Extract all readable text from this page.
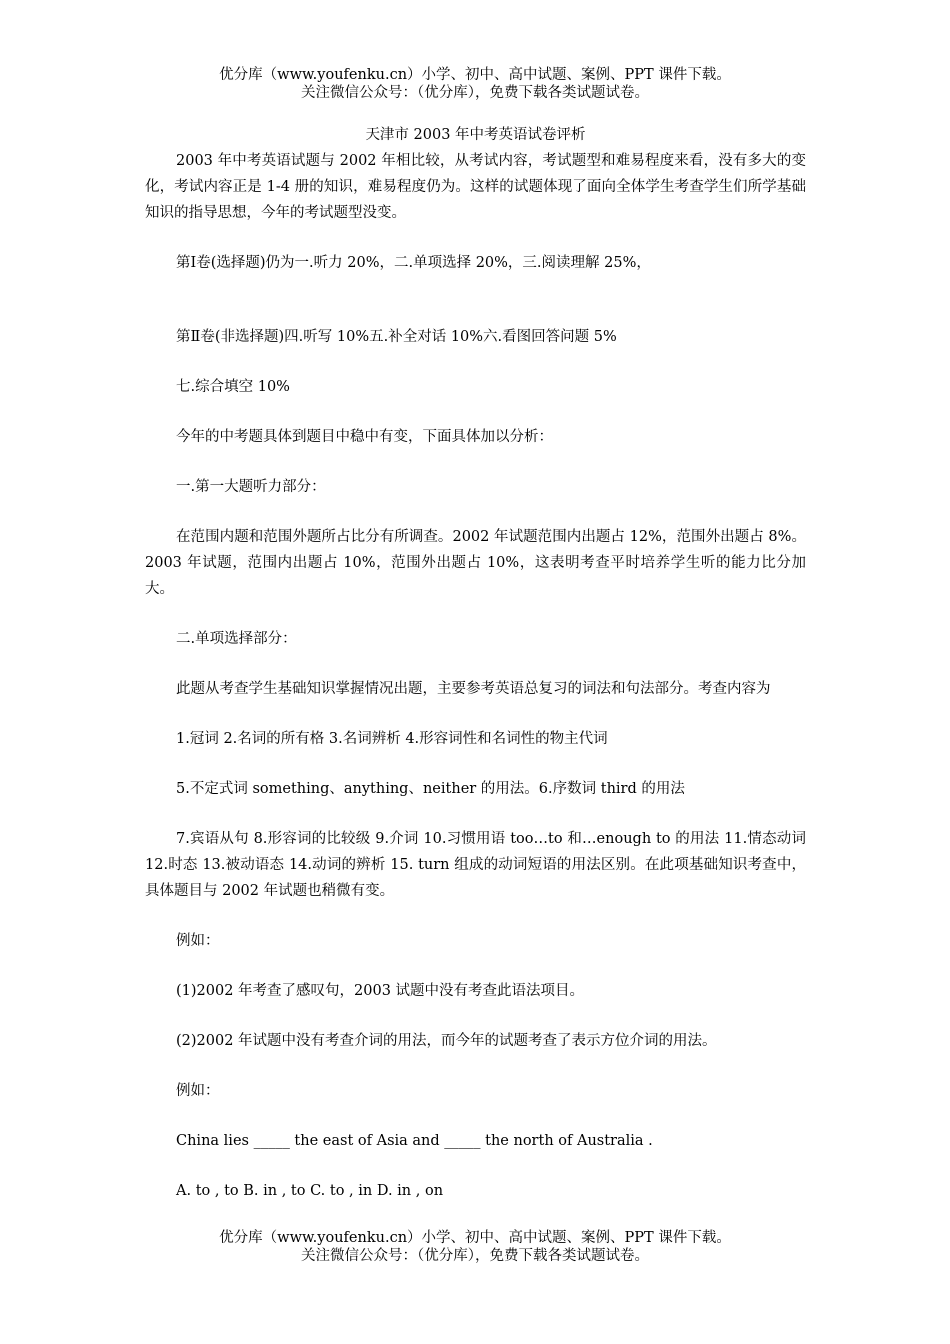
优分库（www.youfenku.cn）小学、初中、高中试题、案例、PPT 课件下载。
关注微信公众号：（优分库），免费下载各类试题试卷。
天津市 2003 年中考英语试卷评析

2003 年中考英语试题与 2002 年相比较，从考试内容，考试题型和难易程度来看，没有多大的变化，考试内容正是 1-4 册的知识，难易程度仍为。这样的试题体现了面向全体学生考查学生们所学基础知识的指导思想，今年的考试题型没变。

第Ⅰ卷(选择题)仍为一.听力 20%，二.单项选择 20%，三.阅读理解 25%，

第Ⅱ卷(非选择题)四.听写 10%五.补全对话 10%六.看图回答问题 5%

七.综合填空 10%

今年的中考题具体到题目中稳中有变，下面具体加以分析：

一.第一大题听力部分：

在范围内题和范围外题所占比分有所调查。2002 年试题范围内出题占 12%，范围外出题占 8%。2003 年试题，范围内出题占 10%，范围外出题占 10%，这表明考查平时培养学生听的能力比分加大。

二.单项选择部分：

此题从考查学生基础知识掌握情况出题，主要参考英语总复习的词法和句法部分。考查内容为

1.冠词 2.名词的所有格 3.名词辨析 4.形容词性和名词性的物主代词

5.不定式词 something、anything、neither 的用法。6.序数词 third 的用法

7.宾语从句 8.形容词的比较级 9.介词 10.习惯用语 too…to 和…enough to 的用法 11.情态动词 12.时态 13.被动语态 14.动词的辨析 15. turn 组成的动词短语的用法区别。在此项基础知识考查中，具体题目与 2002 年试题也稍微有变。

例如：

(1)2002 年考查了感叹句，2003 试题中没有考查此语法项目。

(2)2002 年试题中没有考查介词的用法，而今年的试题考查了表示方位介词的用法。

例如：

China lies _____ the east of Asia and _____ the north of Australia .

A. to , to B. in , to C. to , in D. in , on

优分库（www.youfenku.cn）小学、初中、高中试题、案例、PPT 课件下载。
关注微信公众号：（优分库），免费下载各类试题试卷。
